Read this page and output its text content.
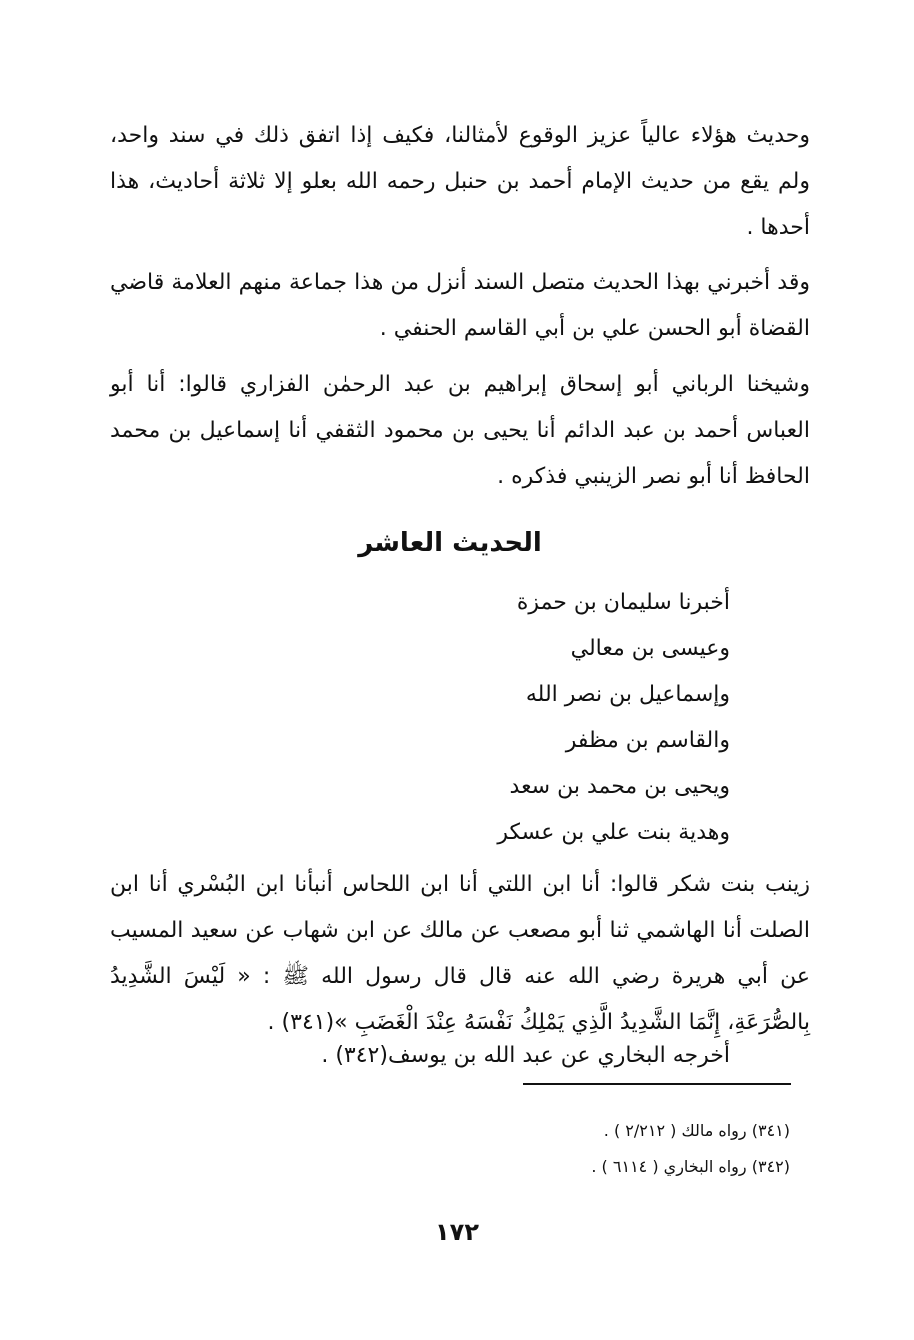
وحديث هؤلاء عالياً عزيز الوقوع لأمثالنا، فكيف إذا اتفق ذلك في سند واحد، ولم يقع من حديث الإمام أحمد بن حنبل رحمه الله بعلو إلا ثلاثة أحاديث، هذا أحدها .
وقد أخبرني بهذا الحديث متصل السند أنزل من هذا جماعة منهم العلامة قاضي القضاة أبو الحسن علي بن أبي القاسم الحنفي .
وشيخنا الرباني أبو إسحاق إبراهيم بن عبد الرحمٰن الفزاري قالوا: أنا أبو العباس أحمد بن عبد الدائم أنا يحيى بن محمود الثقفي أنا إسماعيل بن محمد الحافظ أنا أبو نصر الزينبي فذكره .
الحديث العاشر
أخبرنا سليمان بن حمزة
وعيسى بن معالي
وإسماعيل بن نصر الله
والقاسم بن مظفر
ويحيى بن محمد بن سعد
وهدية بنت علي بن عسكر
زينب بنت شكر قالوا: أنا ابن اللتي أنا ابن اللحاس أنبأنا ابن البُسْري أنا ابن الصلت أنا الهاشمي ثنا أبو مصعب عن مالك عن ابن شهاب عن سعيد المسيب عن أبي هريرة رضي الله عنه قال قال رسول الله ﷺ : « لَيْسَ الشَّدِيدُ بِالصُّرَعَةِ، إِنَّمَا الشَّدِيدُ الَّذِي يَمْلِكُ نَفْسَهُ عِنْدَ الْغَضَبِ »(٣٤١) .
أخرجه البخاري عن عبد الله بن يوسف(٣٤٢) .
(٣٤١) رواه مالك ( ٢/٢١٢ ) .
(٣٤٢) رواه البخاري ( ٦١١٤ ) .
١٧٢
